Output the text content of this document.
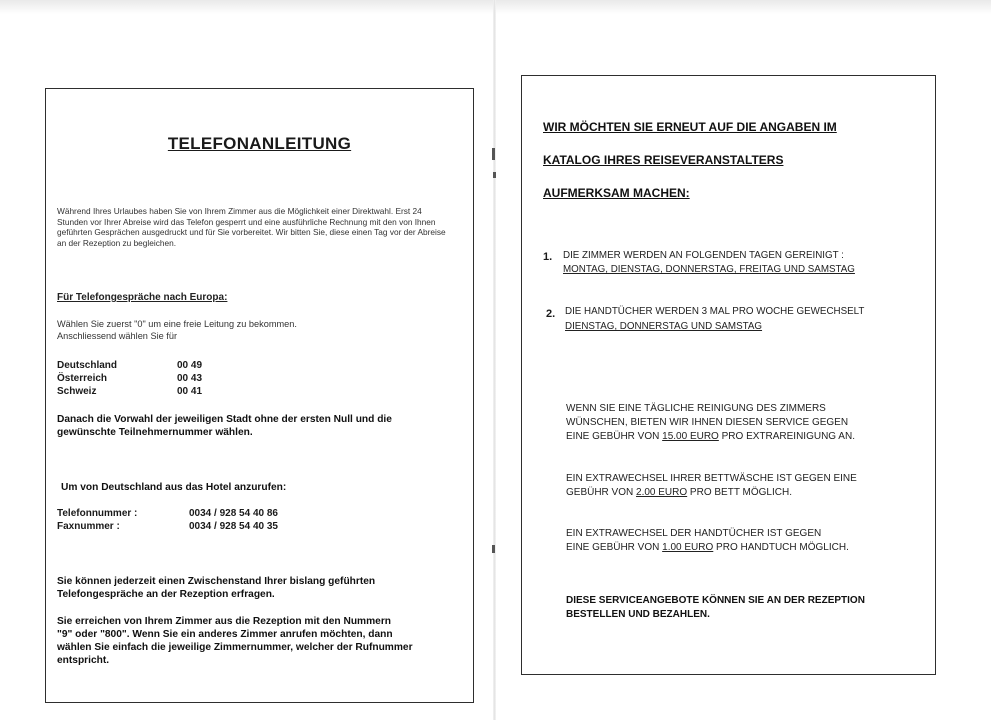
TELEFONANLEITUNG
Während Ihres Urlaubes haben Sie von Ihrem Zimmer aus die Möglichkeit einer Direktwahl. Erst 24 Stunden vor Ihrer Abreise wird das Telefon gesperrt und eine ausführliche Rechnung mit den von Ihnen geführten Gesprächen ausgedruckt und für Sie vorbereitet. Wir bitten Sie, diese einen Tag vor der Abreise an der Rezeption zu begleichen.
Für Telefongespräche nach Europa:
Wählen Sie zuerst "0" um eine freie Leitung zu bekommen.
Anschliessend wählen Sie für
Deutschland	00 49
Österreich	00 43
Schweiz	00 41
Danach die Vorwahl der jeweiligen Stadt ohne der ersten Null und die
gewünschte Teilnehmernummer wählen.
Um von Deutschland aus das Hotel anzurufen:
Telefonnummer :	0034 / 928 54 40 86
Faxnummer :	0034 / 928 54 40 35
Sie können jederzeit einen Zwischenstand Ihrer bislang geführten
Telefongespräche an der Rezeption erfragen.
Sie erreichen von Ihrem Zimmer aus die Rezeption mit den Nummern
"9" oder "800". Wenn Sie ein anderes Zimmer anrufen möchten, dann
wählen Sie einfach die jeweilige Zimmernummer, welcher der Rufnummer
entspricht.
WIR MÖCHTEN SIE ERNEUT AUF DIE ANGABEN IM
KATALOG IHRES REISEVERANSTALTERS
AUFMERKSAM MACHEN:
1. DIE ZIMMER WERDEN AN FOLGENDEN TAGEN GEREINIGT :
MONTAG, DIENSTAG, DONNERSTAG, FREITAG UND SAMSTAG
2. DIE HANDTÜCHER WERDEN 3 MAL PRO WOCHE GEWECHSELT
DIENSTAG, DONNERSTAG UND SAMSTAG
WENN SIE EINE TÄGLICHE REINIGUNG DES ZIMMERS
WÜNSCHEN, BIETEN WIR IHNEN DIESEN SERVICE GEGEN
EINE GEBÜHR VON 15.00 EURO PRO EXTRAREINIGUNG AN.
EIN EXTRAWECHSEL IHRER BETTWÄSCHE IST GEGEN EINE
GEBÜHR VON 2.00 EURO PRO BETT MÖGLICH.
EIN EXTRAWECHSEL DER HANDTÜCHER IST GEGEN
EINE GEBÜHR VON 1.00 EURO PRO HANDTUCH MÖGLICH.
DIESE SERVICEANGEBOTE KÖNNEN SIE AN DER REZEPTION
BESTELLEN UND BEZAHLEN.
